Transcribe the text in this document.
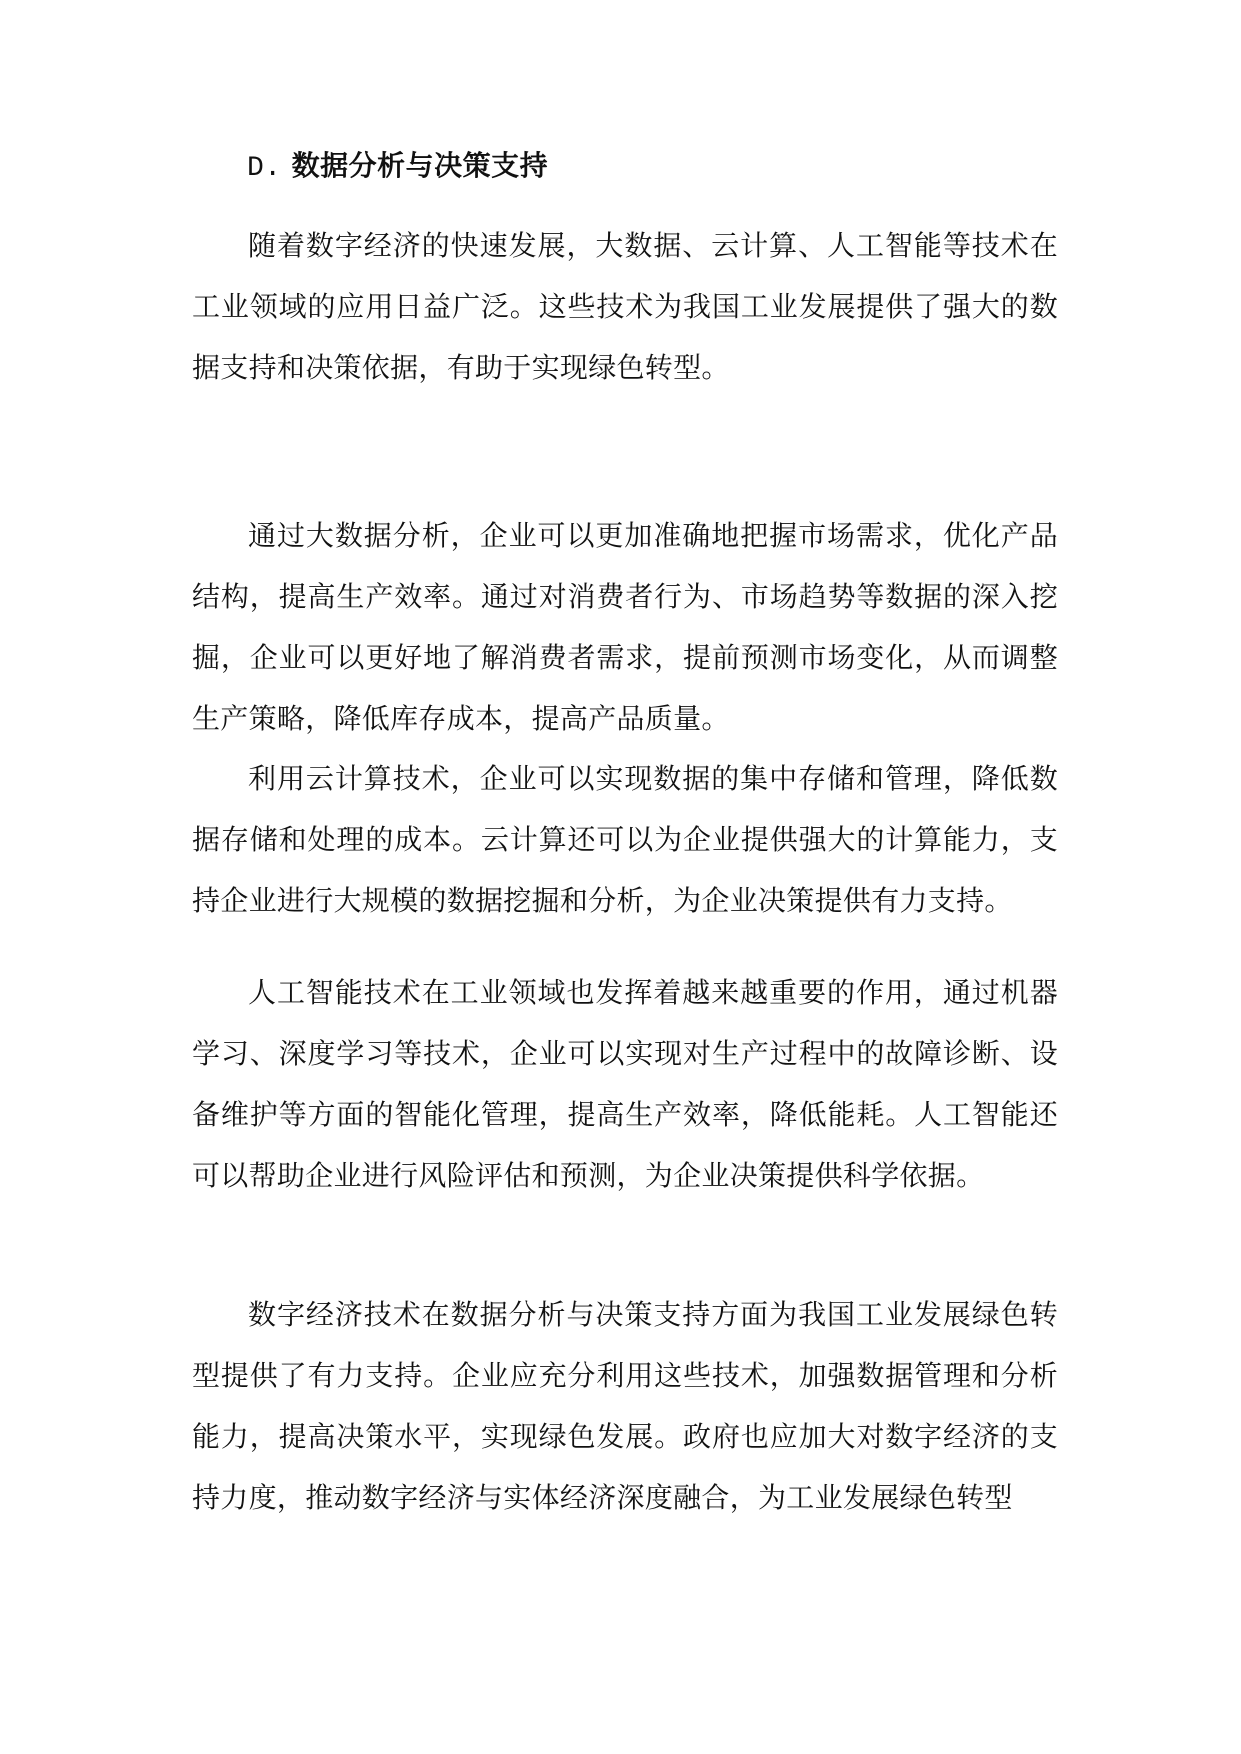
D. 数据分析与决策支持

随着数字经济的快速发展，大数据、云计算、人工智能等技术在工业领域的应用日益广泛。这些技术为我国工业发展提供了强大的数据支持和决策依据，有助于实现绿色转型。

通过大数据分析，企业可以更加准确地把握市场需求，优化产品结构，提高生产效率。通过对消费者行为、市场趋势等数据的深入挖掘，企业可以更好地了解消费者需求，提前预测市场变化，从而调整生产策略，降低库存成本，提高产品质量。

利用云计算技术，企业可以实现数据的集中存储和管理，降低数据存储和处理的成本。云计算还可以为企业提供强大的计算能力，支持企业进行大规模的数据挖掘和分析，为企业决策提供有力支持。

人工智能技术在工业领域也发挥着越来越重要的作用，通过机器学习、深度学习等技术，企业可以实现对生产过程中的故障诊断、设备维护等方面的智能化管理，提高生产效率，降低能耗。人工智能还可以帮助企业进行风险评估和预测，为企业决策提供科学依据。

数字经济技术在数据分析与决策支持方面为我国工业发展绿色转型提供了有力支持。企业应充分利用这些技术，加强数据管理和分析能力，提高决策水平，实现绿色发展。政府也应加大对数字经济的支持力度，推动数字经济与实体经济深度融合，为工业发展绿色转型
